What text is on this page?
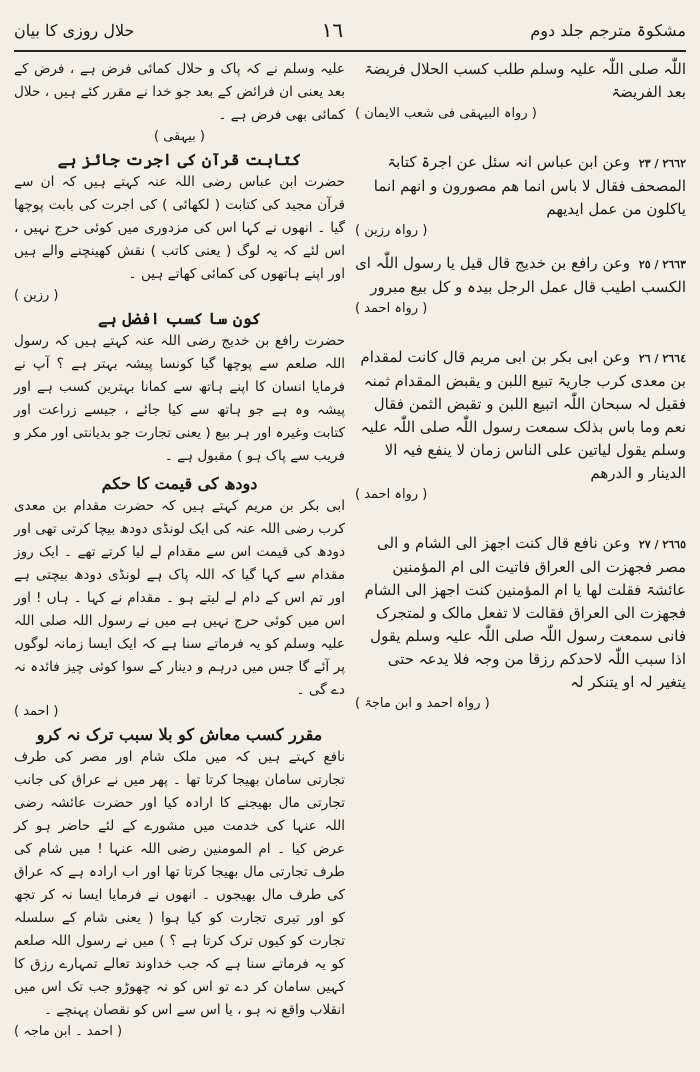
مشکوۃ مترجم جلد دوم
١٦
حلال روزی کا بیان
اللّٰہ صلی اللّٰہ علیہ وسلم طلب کسب الحلال فریضۃ بعد الفریضۃ
( رواہ البیہقی فی شعب الایمان )
٢٦٦٢ / ٢٣ وعن ابن عباس انہ سئل عن اجرۃ کتابۃ المصحف فقال لا باس انما ھم مصورون و انھم انما یاکلون من عمل ایدیھم
( رواہ رزین )
٢٦٦٣ / ٢٥ وعن رافع بن خدیج قال قیل یا رسول اللّٰہ ای الکسب اطیب قال عمل الرجل بیدہ و کل بیع مبرور
( رواہ احمد )
٢٦٦٤ / ٢٦ وعن ابی بکر بن ابی مریم قال کانت لمقدام بن معدی کرب جاریۃ تبیع اللبن و یقبض المقدام ثمنہ فقیل لہ سبحان اللّٰہ اتبیع اللبن و تقبض الثمن فقال نعم وما باس بذلک سمعت رسول اللّٰہ صلی اللّٰہ علیہ وسلم یقول لیاتین علی الناس زمان لا ینفع فیہ الا الدینار و الدرھم
( رواہ احمد )
٢٦٦٥ / ٢٧ وعن نافع قال کنت اجھز الی الشام و الی مصر فجھزت الی العراق فاتیت الی ام المؤمنین عائشۃ فقلت لھا یا ام المؤمنین کنت اجھز الی الشام فجھزت الی العراق فقالت لا تفعل مالک و لمتجرک فانی سمعت رسول اللّٰہ صلی اللّٰہ علیہ وسلم یقول اذا سبب اللّٰہ لاحدکم رزقا من وجہ فلا یدعہ حتی یتغیر لہ او یتنکر لہ
( رواہ احمد و ابن ماجۃ )
علیہ وسلم نے کہ پاک و حلال کمائی فرض ہے ، فرض کے بعد یعنی ان فرائض کے بعد جو خدا نے مقرر کئے ہیں ، حلال کمائی بھی فرض ہے ۔
( بیہقی )
کتابت قرآن کی اجرت جائز ہے
حضرت ابن عباس رضی اللہ عنہ کہتے ہیں کہ ان سے قرآن مجید کی کتابت ( لکھائی ) کی اجرت کی بابت پوچھا گیا ۔ انھوں نے کہا اس کی مزدوری میں کوئی حرج نہیں ، اس لئے کہ یہ لوگ ( یعنی کاتب ) نقش کھینچنے والے ہیں اور اپنے ہاتھوں کی کمائی کھاتے ہیں ۔
( رزین )
کون سا کسب افضل ہے
حضرت رافع بن خدیج رضی اللہ عنہ کہتے ہیں کہ رسول اللہ صلعم سے پوچھا گیا کونسا پیشہ بہتر ہے ؟ آپ نے فرمایا انسان کا اپنے ہاتھ سے کمانا بہترین کسب ہے اور پیشہ وہ ہے جو ہاتھ سے کیا جائے ، جیسے زراعت اور کتابت وغیرہ اور ہر بیع ( یعنی تجارت جو بدیانتی اور مکر و فریب سے پاک ہو ) مقبول ہے ۔
دودھ کی قیمت کا حکم
ابی بکر بن مریم کہتے ہیں کہ حضرت مقدام بن معدی کرب رضی اللہ عنہ کی ایک لونڈی دودھ بیچا کرتی تھی اور دودھ کی قیمت اس سے مقدام لے لیا کرتے تھے ۔ ایک روز مقدام سے کہا گیا کہ اللہ پاک ہے لونڈی دودھ بیچتی ہے اور تم اس کے دام لے لیتے ہو ۔ مقدام نے کہا ۔ ہاں ! اور اس میں کوئی حرج نہیں ہے میں نے رسول اللہ صلی اللہ علیہ وسلم کو یہ فرماتے سنا ہے کہ ایک ایسا زمانہ لوگوں پر آئے گا جس میں درہم و دینار کے سوا کوئی چیز فائدہ نہ دے گی ۔
( احمد )
مقرر کسب معاش کو بلا سبب ترک نہ کرو
نافع کہتے ہیں کہ میں ملک شام اور مصر کی طرف تجارتی سامان بھیجا کرتا تھا ۔ پھر میں نے عراق کی جانب تجارتی مال بھیجنے کا ارادہ کیا اور حضرت عائشہ رضی اللہ عنہا کی خدمت میں مشورے کے لئے حاضر ہو کر عرض کیا ۔ ام المومنین رضی اللہ عنہا ! میں شام کی طرف تجارتی مال بھیجا کرتا تھا اور اب ارادہ ہے کہ عراق کی طرف مال بھیجوں ۔ انھوں نے فرمایا ایسا نہ کر تجھ کو اور تیری تجارت کو کیا ہوا ( یعنی شام کے سلسلہ تجارت کو کیوں ترک کرتا ہے ؟ ) میں نے رسول اللہ صلعم کو یہ فرماتے سنا ہے کہ جب خداوند تعالے تمہارے رزق کا کہیں سامان کر دے تو اس کو نہ چھوڑو جب تک اس میں انقلاب واقع نہ ہو ، یا اس سے اس کو نقصان پہنچے ۔
( احمد ۔ ابن ماجہ )
